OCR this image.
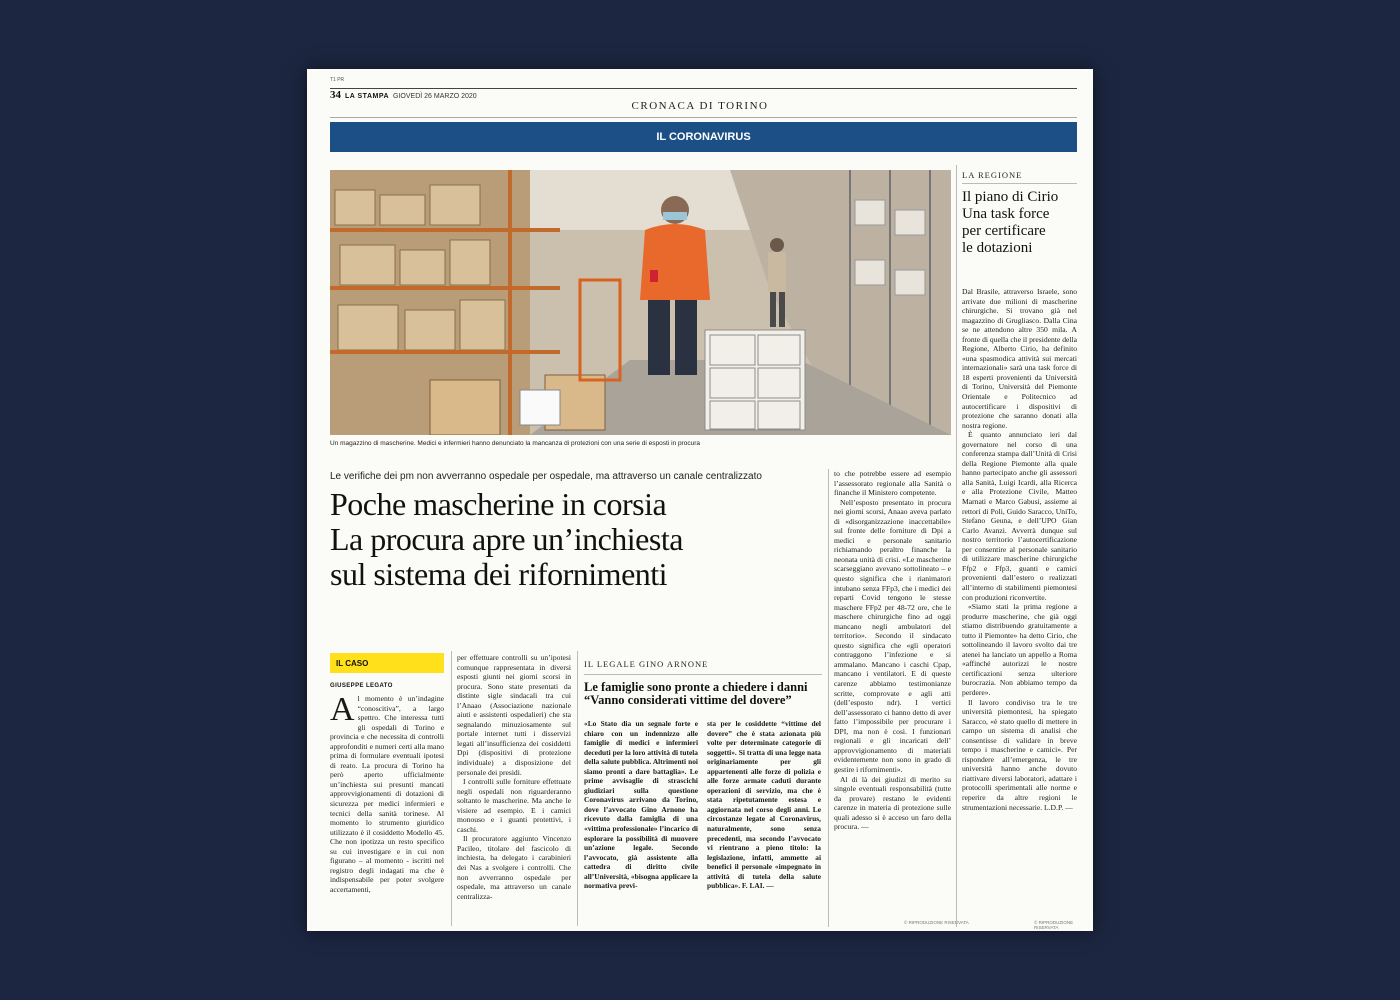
T1 PR
34 LA STAMPA GIOVEDÌ 26 MARZO 2020
CRONACA DI TORINO
IL CORONAVIRUS
Un magazzino di mascherine. Medici e infermieri hanno denunciato la mancanza di protezioni con una serie di esposti in procura
Le verifiche dei pm non avverranno ospedale per ospedale, ma attraverso un canale centralizzato
Poche mascherine in corsia
La procura apre un’inchiesta
sul sistema dei rifornimenti
IL CASO
GIUSEPPE LEGATO
Al momento è un’indagine “conoscitiva”, a largo spettro. Che interessa tutti gli ospedali di Torino e provincia e che necessita di controlli approfonditi e numeri certi alla mano prima di formulare eventuali ipotesi di reato. La procura di Torino ha però aperto ufficialmente un’inchiesta sui presunti mancati approvvigionamenti di dotazioni di sicurezza per medici infermieri e tecnici della sanità torinese. Al momento lo strumento giuridico utilizzato è il cosiddetto Modello 45. Che non ipotizza un resto specifico su cui investigare e in cui non figurano – al momento - iscritti nel registro degli indagati ma che è indispensabile per poter svolgere accertamenti,

per effettuare controlli su un’ipotesi comunque rappresentata in diversi esposti giunti nei giorni scorsi in procura. Sono state presentati da distinte sigle sindacali tra cui l’Anaao (Associazione nazionale aiuti e assistenti ospedalieri) che sta segnalando minuziosamente sul portale internet tutti i disservizi legati all’insufficienza dei cosiddetti Dpi (dispositivi di protezione individuale) a disposizione del personale dei presidi.

I controlli sulle forniture effettuate negli ospedali non riguarderanno soltanto le mascherine. Ma anche le visiere ad esempio. E i camici monouso e i guanti protettivi, i caschi.

Il procuratore aggiunto Vincenzo Pacileo, titolare del fascicolo di inchiesta, ha delegato i carabinieri dei Nas a svolgere i controlli. Che non avverranno ospedale per ospedale, ma attraverso un canale centralizza-

IL LEGALE GINO ARNONE
Le famiglie sono pronte a chiedere i danni
“Vanno considerati vittime del dovere”
«Lo Stato dia un segnale forte e chiaro con un indennizzo alle famiglie di medici e infermieri deceduti per la loro attività di tutela della salute pubblica. Altrimenti noi siamo pronti a dare battaglia». Le prime avvisaglie di strascichi giudiziari sulla questione Coronavirus arrivano da Torino, dove l’avvocato Gino Arnone ha ricevuto dalla famiglia di una «vittima professionale» l’incarico di esplorare la possibilità di muovere un’azione legale. Secondo l’avvocato, già assistente alla cattedra di diritto civile all’Università, «bisogna applicare la normativa previ-
sta per le cosiddette “vittime del dovere” che è stata azionata più volte per determinate categorie di soggetti». Si tratta di una legge nata originariamente per gli appartenenti alle forze di polizia e alle forze armate caduti durante operazioni di servizio, ma che è stata ripetutamente estesa e aggiornata nel corso degli anni. Le circostanze legate al Coronavirus, naturalmente, sono senza precedenti, ma secondo l’avvocato vi rientrano a pieno titolo: la legislazione, infatti, ammette ai benefici il personale «impegnato in attività di tutela della salute pubblica». F. LAI. —

to che potrebbe essere ad esempio l’assessorato regionale alla Sanità o finanche il Ministero competente.

Nell’esposto presentato in procura nei giorni scorsi, Anaao aveva parlato di «disorganizzazione inaccettabile» sul fronte delle forniture di Dpi a medici e personale sanitario richiamando peraltro finanche la neonata unità di crisi. «Le mascherine scarseggiano avevano sottolineato – e questo significa che i rianimatori intubano senza FFp3, che i medici dei reparti Covid tengono le stesse maschere FFp2 per 48-72 ore, che le maschere chirurgiche fino ad oggi mancano negli ambulatori del territorio». Secondo il sindacato questo significa che «gli operatori contraggono l’infezione e si ammalano. Mancano i caschi Cpap, mancano i ventilatori. E di queste carenze abbiamo testimonianze scritte, comprovate e agli atti (dell’esposto ndr). I vertici dell’assessorato ci hanno detto di aver fatto l’impossibile per procurare i DPI, ma non è così. I funzionari regionali e gli incaricati dell’ approvvigionamento di materiali evidentemente non sono in grado di gestire i rifornimenti».

Al di là dei giudizi di merito su singole eventuali responsabilità (tutte da provare) restano le evidenti carenze in materia di protezione sulle quali adesso si è acceso un faro della procura. —

© RIPRODUZIONE RISERVATA
LA REGIONE
Il piano di Cirio
Una task force
per certificare
le dotazioni

Dal Brasile, attraverso Israele, sono arrivate due milioni di mascherine chirurgiche. Si trovano già nel magazzino di Grugliasco. Dalla Cina se ne attendono altre 350 mila. A fronte di quella che il presidente della Regione, Alberto Cirio, ha definito «una spasmodica attività sui mercati internazionali» sarà una task force di 18 esperti provenienti da Università di Torino, Università del Piemonte Orientale e Politecnico ad autocertificare i dispositivi di protezione che saranno donati alla nostra regione.

È quanto annunciato ieri dal governatore nel corso di una conferenza stampa dall’Unità di Crisi della Regione Piemonte alla quale hanno partecipato anche gli assessori alla Sanità, Luigi Icardi, alla Ricerca e alla Protezione Civile, Matteo Marnati e Marco Gabusi, assieme ai rettori di Poli, Guido Saracco, UniTo, Stefano Geuna, e dell’UPO Gian Carlo Avanzi. Avverrà dunque sul nostro territorio l’autocertificazione per consentire al personale sanitario di utilizzare mascherine chirurgiche Ffp2 e Ffp3, guanti e camici provenienti dall’estero o realizzati all’interno di stabilimenti piemontesi con produzioni riconvertite.

«Siamo stati la prima regione a produrre mascherine, che già oggi stiamo distribuendo gratuitamente a tutto il Piemonte» ha detto Cirio, che sottolineando il lavoro svolto dai tre atenei ha lanciato un appello a Roma «affinché autorizzi le nostre certificazioni senza ulteriore burocrazia. Non abbiamo tempo da perdere».

Il lavoro condiviso tra le tre università piemontesi, ha spiegato Saracco, «è stato quello di mettere in campo un sistema di analisi che consentisse di validare in breve tempo i mascherine e camici». Per rispondere all’emergenza, le tre università hanno anche dovuto riattivare diversi laboratori, adattare i protocolli sperimentali alle norme e reperire da altre regioni le strumentazioni necessarie. L.D.P. —

© RIPRODUZIONE RISERVATA
